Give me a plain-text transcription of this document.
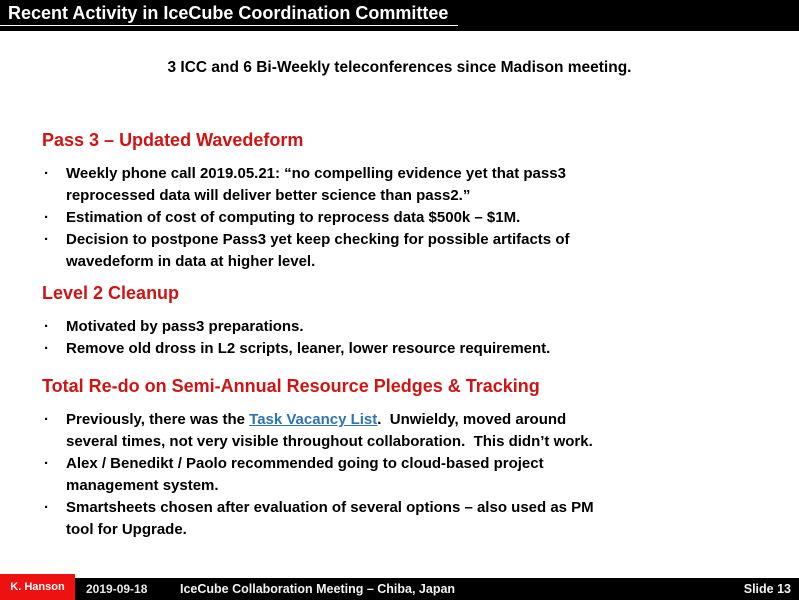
Recent Activity in IceCube Coordination Committee
3 ICC and 6 Bi-Weekly teleconferences since Madison meeting.
Pass 3 – Updated Wavedeform
· Weekly phone call 2019.05.21: “no compelling evidence yet that pass3
reprocessed data will deliver better science than pass2.”
· Estimation of cost of computing to reprocess data $500k – $1M.
· Decision to postpone Pass3 yet keep checking for possible artifacts of
wavedeform in data at higher level.
Level 2 Cleanup
· Motivated by pass3 preparations.
· Remove old dross in L2 scripts, leaner, lower resource requirement.
Total Re-do on Semi-Annual Resource Pledges & Tracking
· Previously, there was the Task Vacancy List.  Unwieldy, moved around
several times, not very visible throughout collaboration.  This didn’t work.
· Alex / Benedikt / Paolo recommended going to cloud-based project
management system.
· Smartsheets chosen after evaluation of several options – also used as PM
tool for Upgrade.
2019-09-18	IceCube Collaboration Meeting – Chiba, Japan	Slide 13
K. Hanson
